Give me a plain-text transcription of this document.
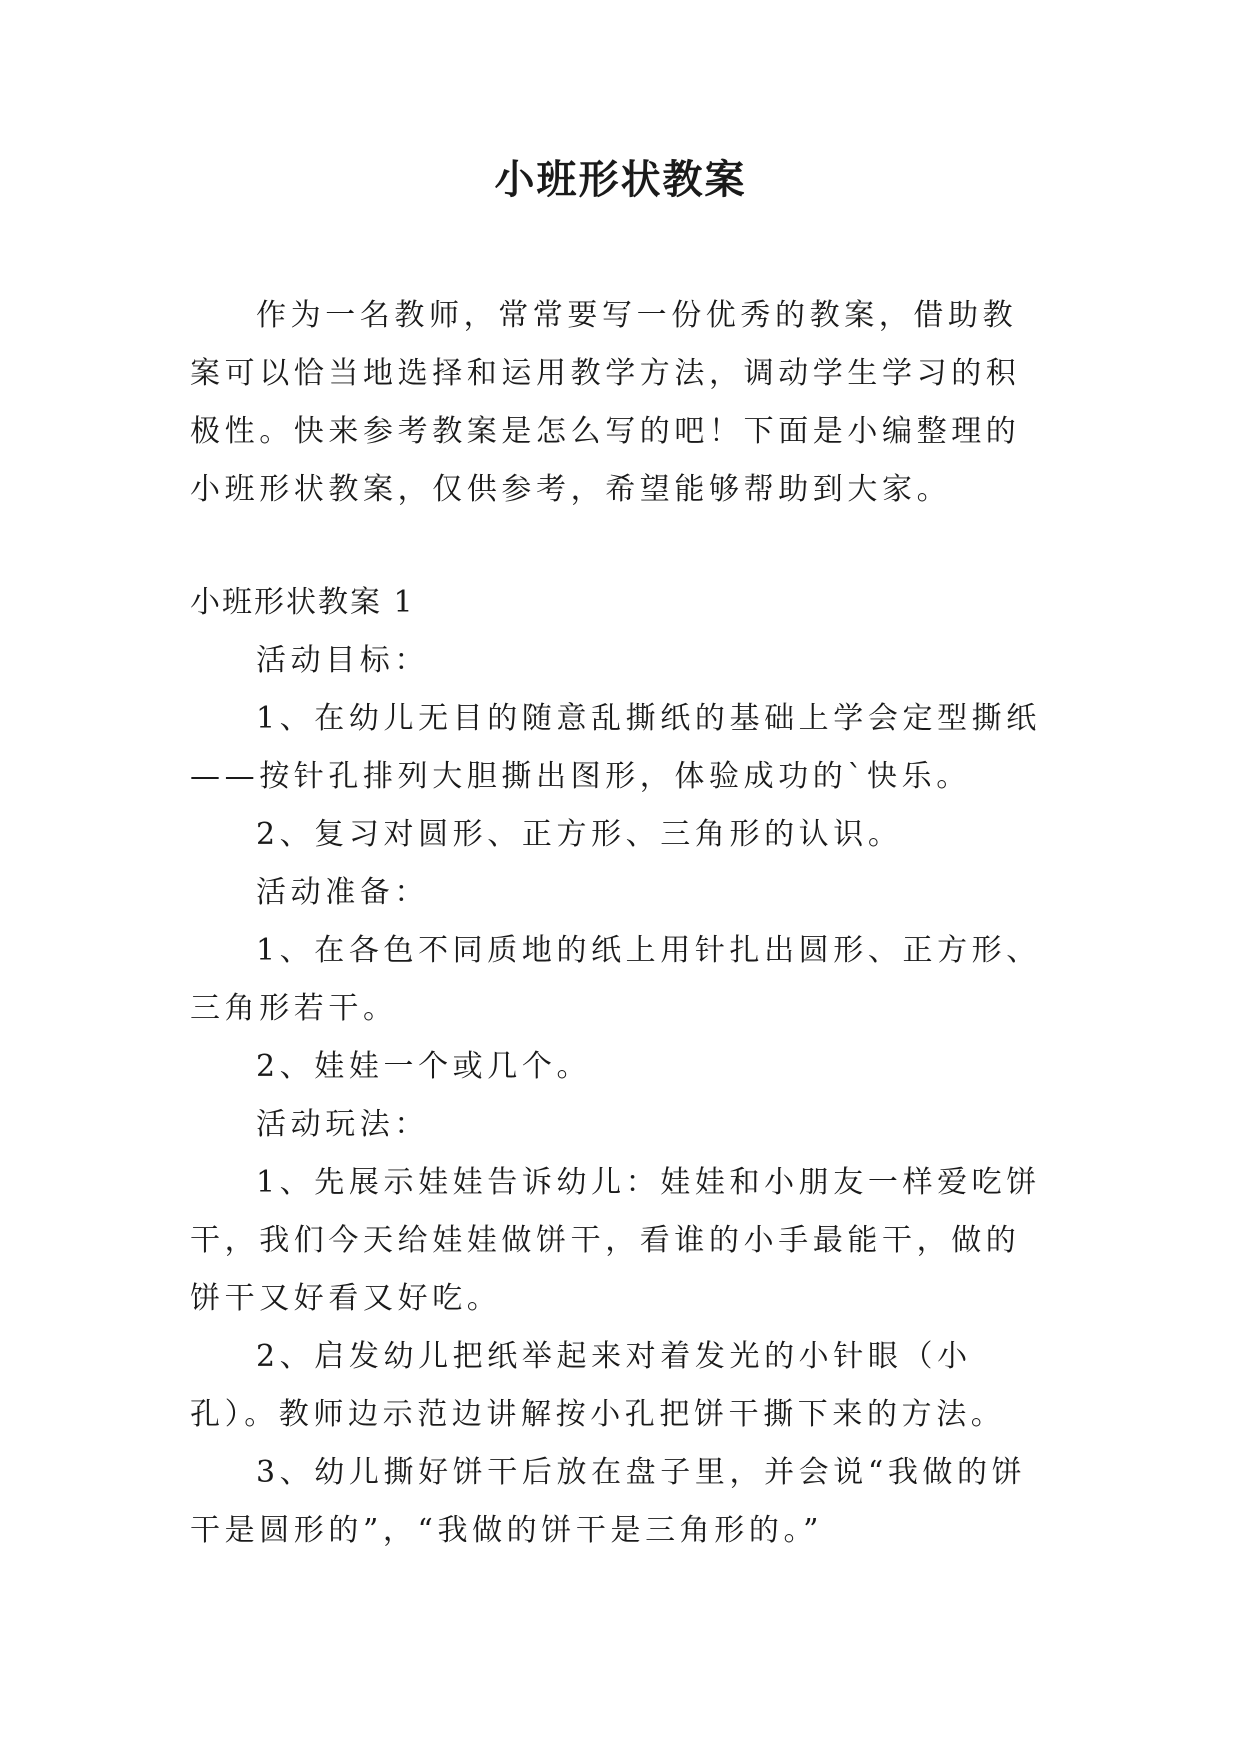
小班形状教案

作为一名教师，常常要写一份优秀的教案，借助教案可以恰当地选择和运用教学方法，调动学生学习的积极性。快来参考教案是怎么写的吧！下面是小编整理的小班形状教案，仅供参考，希望能够帮助到大家。

小班形状教案 1

活动目标：

1、在幼儿无目的随意乱撕纸的基础上学会定型撕纸——按针孔排列大胆撕出图形，体验成功的`快乐。

2、复习对圆形、正方形、三角形的认识。

活动准备：

1、在各色不同质地的纸上用针扎出圆形、正方形、三角形若干。

2、娃娃一个或几个。

活动玩法：

1、先展示娃娃告诉幼儿：娃娃和小朋友一样爱吃饼干，我们今天给娃娃做饼干，看谁的小手最能干，做的饼干又好看又好吃。

2、启发幼儿把纸举起来对着发光的小针眼（小孔）。教师边示范边讲解按小孔把饼干撕下来的方法。

3、幼儿撕好饼干后放在盘子里，并会说“我做的饼干是圆形的”，“我做的饼干是三角形的。”
